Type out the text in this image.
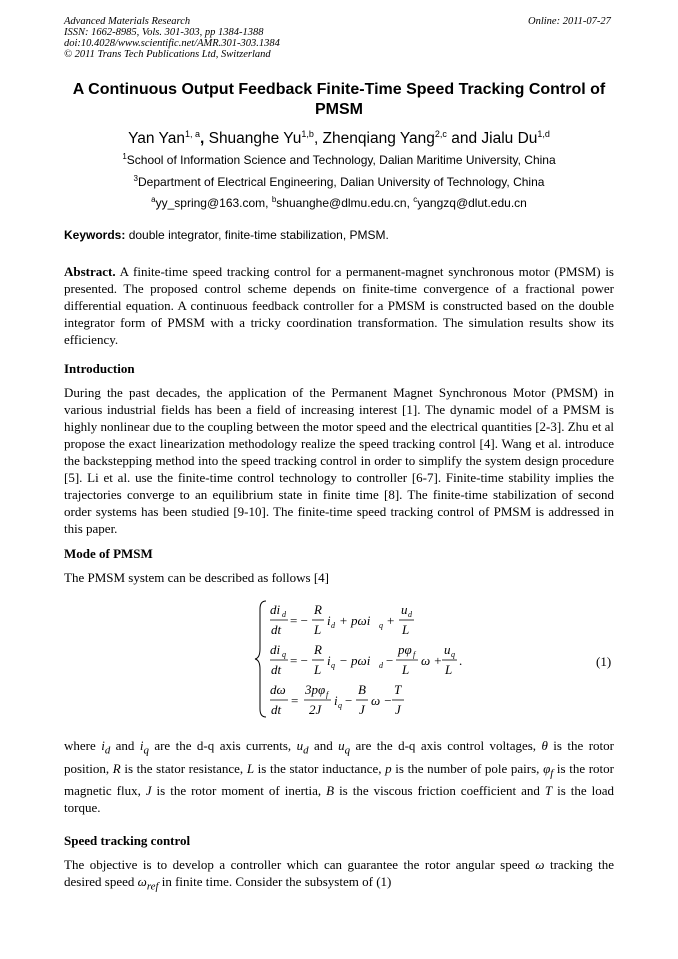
Advanced Materials Research
ISSN: 1662-8985, Vols. 301-303, pp 1384-1388
doi:10.4028/www.scientific.net/AMR.301-303.1384
© 2011 Trans Tech Publications Ltd, Switzerland
Online: 2011-07-27
A Continuous Output Feedback Finite-Time Speed Tracking Control of
PMSM
Yan Yan$^{1, a}$, Shuanghe Yu$^{1,b}$, Zhenqiang Yang$^{2,c}$ and Jialu Du$^{1,d}$
$^1$School of Information Science and Technology, Dalian Maritime University, China
$^3$Department of Electrical Engineering, Dalian University of Technology, China
$^a$yy_spring@163.com, $^b$shuanghe@dlmu.edu.cn, $^c$yangzq@dlut.edu.cn
Keywords: double integrator, finite-time stabilization, PMSM.
Abstract. A finite-time speed tracking control for a permanent-magnet synchronous motor (PMSM) is presented. The proposed control scheme depends on finite-time convergence of a fractional power differential equation. A continuous feedback controller for a PMSM is constructed based on the double integrator form of PMSM with a tricky coordination transformation. The simulation results show its efficiency.
Introduction
During the past decades, the application of the Permanent Magnet Synchronous Motor (PMSM) in various industrial fields has been a field of increasing interest [1]. The dynamic model of a PMSM is highly nonlinear due to the coupling between the motor speed and the electrical quantities [2-3]. Zhu et al propose the exact linearization methodology realize the speed tracking control [4]. Wang et al. introduce the backstepping method into the speed tracking control in order to simplify the system design procedure [5]. Li et al. use the finite-time control technology to controller [6-7]. Finite-time stability implies the trajectories converge to an equilibrium state in finite time [8]. The finite-time stabilization of second order systems has been studied [9-10]. The finite-time speed tracking control of PMSM is addressed in this paper.
Mode of PMSM
The PMSM system can be described as follows [4]
di d
dt
= −
R
L
i d + pωi q +
u d
L
di q
dt
= −
R
L
i q − pωi d −
pφ f
L
ω +
u q
L
.
dω
dt
=
3pφ f
2J
i q −
B
J
ω −
T
J
(1)
where $i_d$ and $i_q$ are the d-q axis currents, $u_d$ and $u_q$ are the d-q axis control voltages, θ is the rotor position, R is the stator resistance, L is the stator inductance, p is the number of pole pairs, $\varphi_f$ is the rotor magnetic flux, J is the rotor moment of inertia, B is the viscous friction coefficient and T is the load torque.
Speed tracking control
The objective is to develop a controller which can guarantee the rotor angular speed ω tracking the desired speed $\omega_{ref}$ in finite time. Consider the subsystem of (1)
